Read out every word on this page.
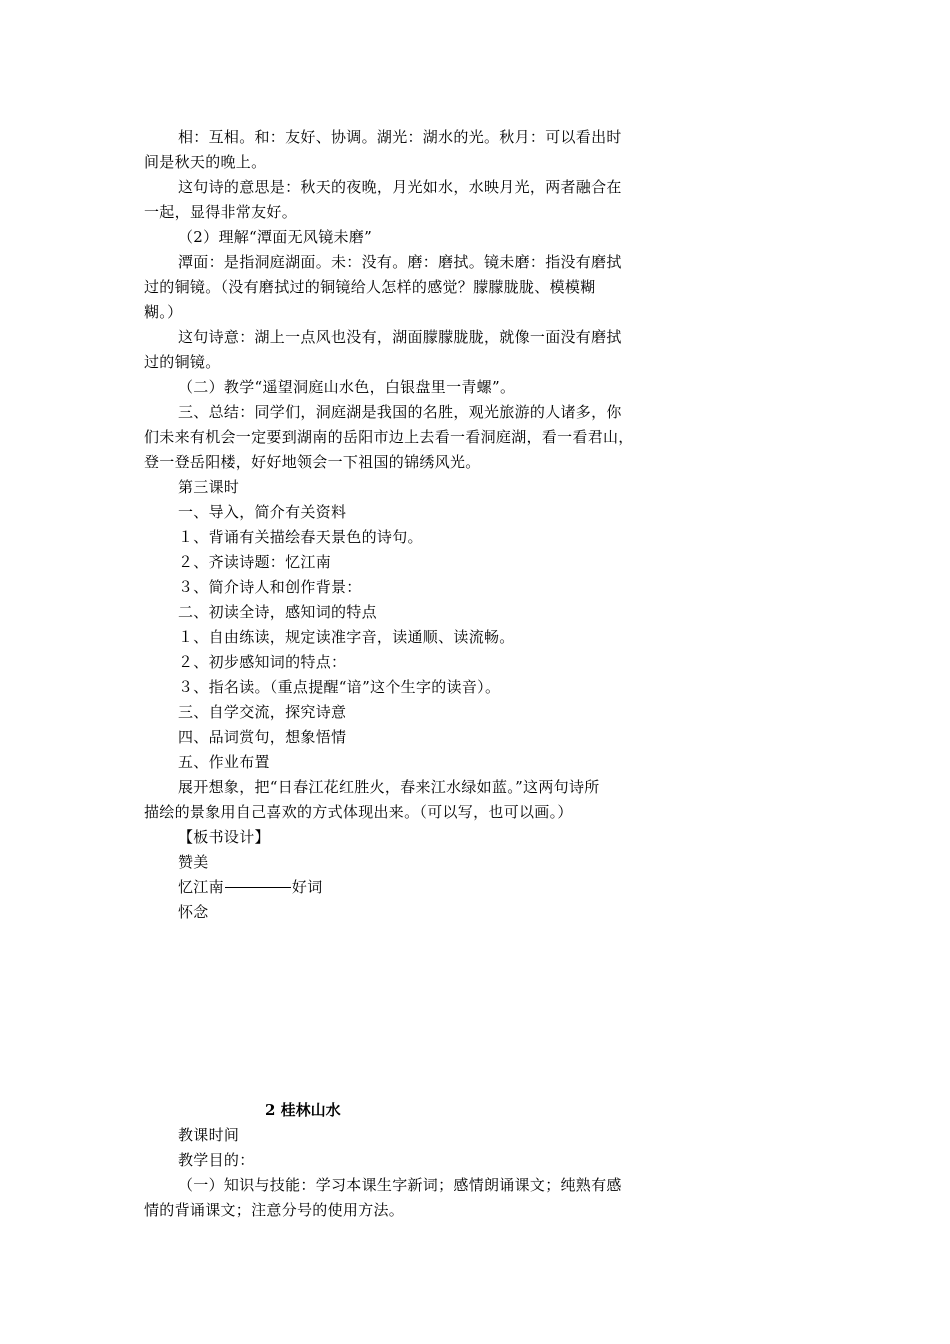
相：互相。和：友好、协调。湖光：湖水的光。秋月：可以看出时
间是秋天的晚上。
这句诗的意思是：秋天的夜晚，月光如水，水映月光，两者融合在
一起，显得非常友好。
（2）理解“潭面无风镜未磨”
潭面：是指洞庭湖面。未：没有。磨：磨拭。镜未磨：指没有磨拭
过的铜镜。（没有磨拭过的铜镜给人怎样的感觉？朦朦胧胧、模模糊
糊。）
这句诗意：湖上一点风也没有，湖面朦朦胧胧，就像一面没有磨拭
过的铜镜。
（二）教学“遥望洞庭山水色，白银盘里一青螺”。
三、总结：同学们，洞庭湖是我国的名胜，观光旅游的人诸多，你
们未来有机会一定要到湖南的岳阳市边上去看一看洞庭湖，看一看君山，
登一登岳阳楼，好好地领会一下祖国的锦绣风光。
第三课时
一、导入，简介有关资料
１、背诵有关描绘春天景色的诗句。
２、齐读诗题：忆江南
３、简介诗人和创作背景：
二、初读全诗，感知词的特点
１、自由练读，规定读准字音，读通顺、读流畅。
２、初步感知词的特点：
３、指名读。（重点提醒“谙”这个生字的读音）。
三、自学交流，探究诗意
四、品词赏句，想象悟情
五、作业布置
展开想象，把“日春江花红胜火，春来江水绿如蓝。”这两句诗所
描绘的景象用自己喜欢的方式体现出来。（可以写，也可以画。）
【板书设计】
赞美
忆江南	好词
怀念
2 桂林山水
教课时间
教学目的：
（一）知识与技能：学习本课生字新词；感情朗诵课文；纯熟有感
情的背诵课文；注意分号的使用方法。
